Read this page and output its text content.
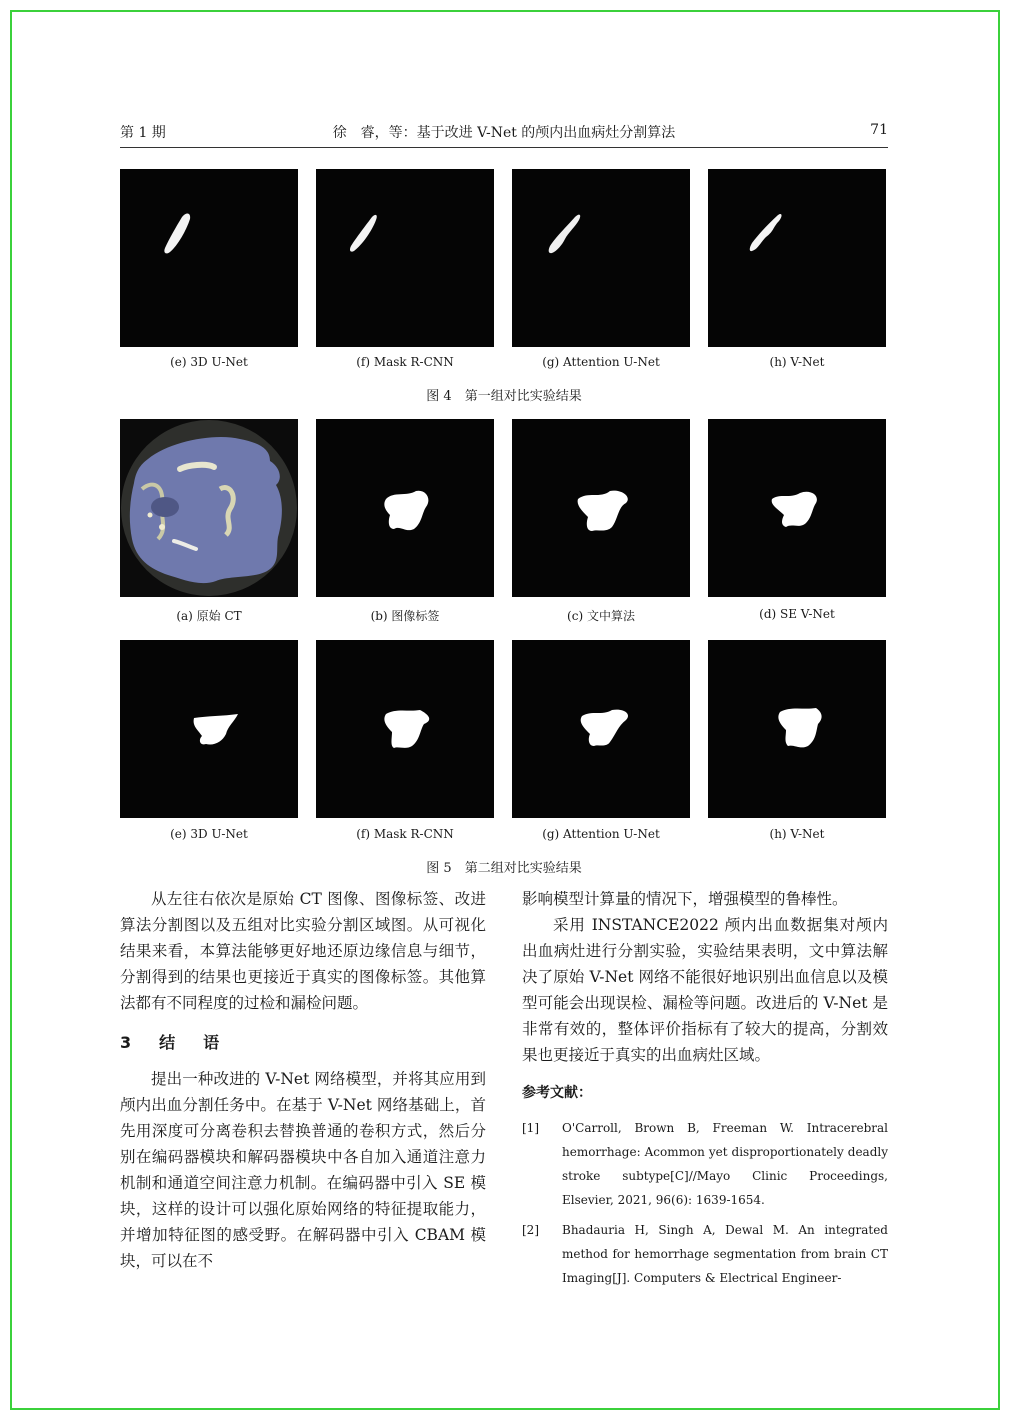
第 1 期	徐　睿，等：基于改进 V-Net 的颅内出血病灶分割算法	71
(e) 3D U-Net	(f) Mask R-CNN	(g) Attention U-Net	(h) V-Net
图 4　第一组对比实验结果
(a) 原始 CT	(b) 图像标签	(c) 文中算法	(d) SE V-Net
(e) 3D U-Net	(f) Mask R-CNN	(g) Attention U-Net	(h) V-Net
图 5　第二组对比实验结果

从左往右依次是原始 CT 图像、图像标签、改进算法分割图以及五组对比实验分割区域图。从可视化结果来看，本算法能够更好地还原边缘信息与细节，分割得到的结果也更接近于真实的图像标签。其他算法都有不同程度的过检和漏检问题。

3　结　语

提出一种改进的 V-Net 网络模型，并将其应用到颅内出血分割任务中。在基于 V-Net 网络基础上，首先用深度可分离卷积去替换普通的卷积方式，然后分别在编码器模块和解码器模块中各自加入通道注意力机制和通道空间注意力机制。在编码器中引入 SE 模块，这样的设计可以强化原始网络的特征提取能力，并增加特征图的感受野。在解码器中引入 CBAM 模块，可以在不

影响模型计算量的情况下，增强模型的鲁棒性。

采用 INSTANCE2022 颅内出血数据集对颅内出血病灶进行分割实验，实验结果表明，文中算法解决了原始 V-Net 网络不能很好地识别出血信息以及模型可能会出现误检、漏检等问题。改进后的 V-Net 是非常有效的，整体评价指标有了较大的提高，分割效果也更接近于真实的出血病灶区域。

参考文献：
[1] O'Carroll, Brown B, Freeman W. Intracerebral hemorrhage: Acommon yet disproportionately deadly stroke subtype[C]//Mayo Clinic Proceedings, Elsevier, 2021, 96(6): 1639-1654.
[2] Bhadauria H, Singh A, Dewal M. An integrated method for hemorrhage segmentation from brain CT Imaging[J]. Computers & Electrical Engineer-
